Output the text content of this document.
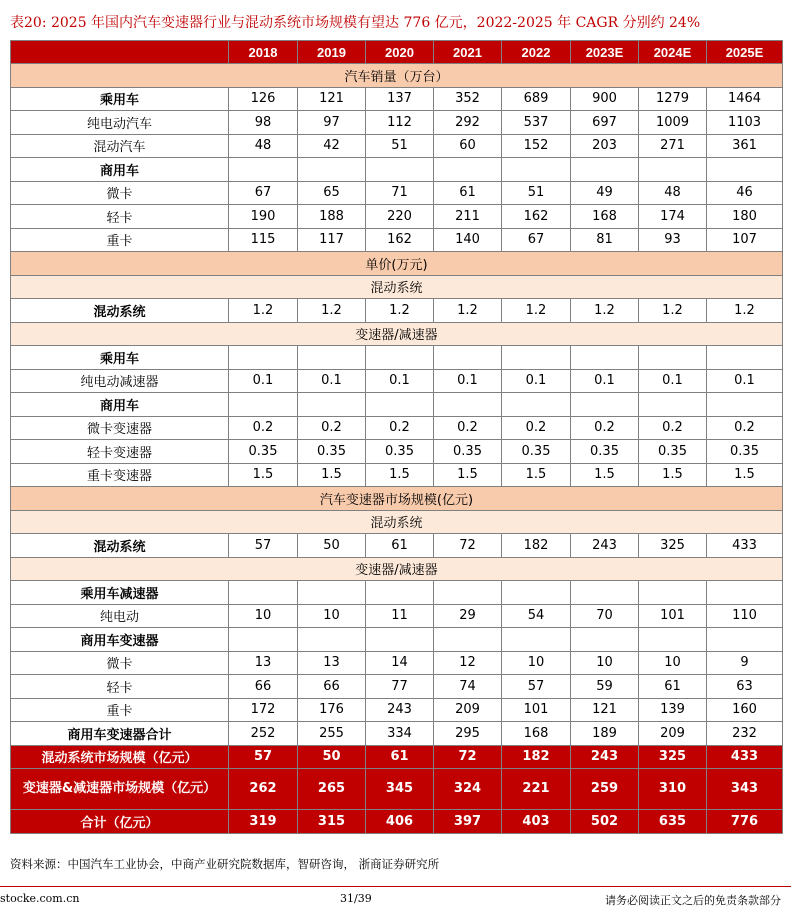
表20: 2025 年国内汽车变速器行业与混动系统市场规模有望达 776 亿元，2022-2025 年 CAGR 分别约 24%
	2018	2019	2020	2021	2022	2023E	2024E	2025E
汽车销量（万台）								
乘用车	126	121	137	352	689	900	1279	1464
纯电动汽车	98	97	112	292	537	697	1009	1103
混动汽车	48	42	51	60	152	203	271	361
商用车								
微卡	67	65	71	61	51	49	48	46
轻卡	190	188	220	211	162	168	174	180
重卡	115	117	162	140	67	81	93	107
单价(万元)								
混动系统								
混动系统	1.2	1.2	1.2	1.2	1.2	1.2	1.2	1.2
变速器/减速器								
乘用车								
纯电动减速器	0.1	0.1	0.1	0.1	0.1	0.1	0.1	0.1
商用车								
微卡变速器	0.2	0.2	0.2	0.2	0.2	0.2	0.2	0.2
轻卡变速器	0.35	0.35	0.35	0.35	0.35	0.35	0.35	0.35
重卡变速器	1.5	1.5	1.5	1.5	1.5	1.5	1.5	1.5
汽车变速器市场规模(亿元)								
混动系统								
混动系统	57	50	61	72	182	243	325	433
变速器/减速器								
乘用车减速器								
纯电动	10	10	11	29	54	70	101	110
商用车变速器								
微卡	13	13	14	12	10	10	10	9
轻卡	66	66	77	74	57	59	61	63
重卡	172	176	243	209	101	121	139	160
商用车变速器合计	252	255	334	295	168	189	209	232
混动系统市场规模（亿元）	57	50	61	72	182	243	325	433
变速器&减速器市场规模（亿元）	262	265	345	324	221	259	310	343
合计（亿元）	319	315	406	397	403	502	635	776
资料来源：中国汽车工业协会，中商产业研究院数据库，智研咨询， 浙商证券研究所
stocke.com.cn	31/39	请务必阅读正文之后的免责条款部分
